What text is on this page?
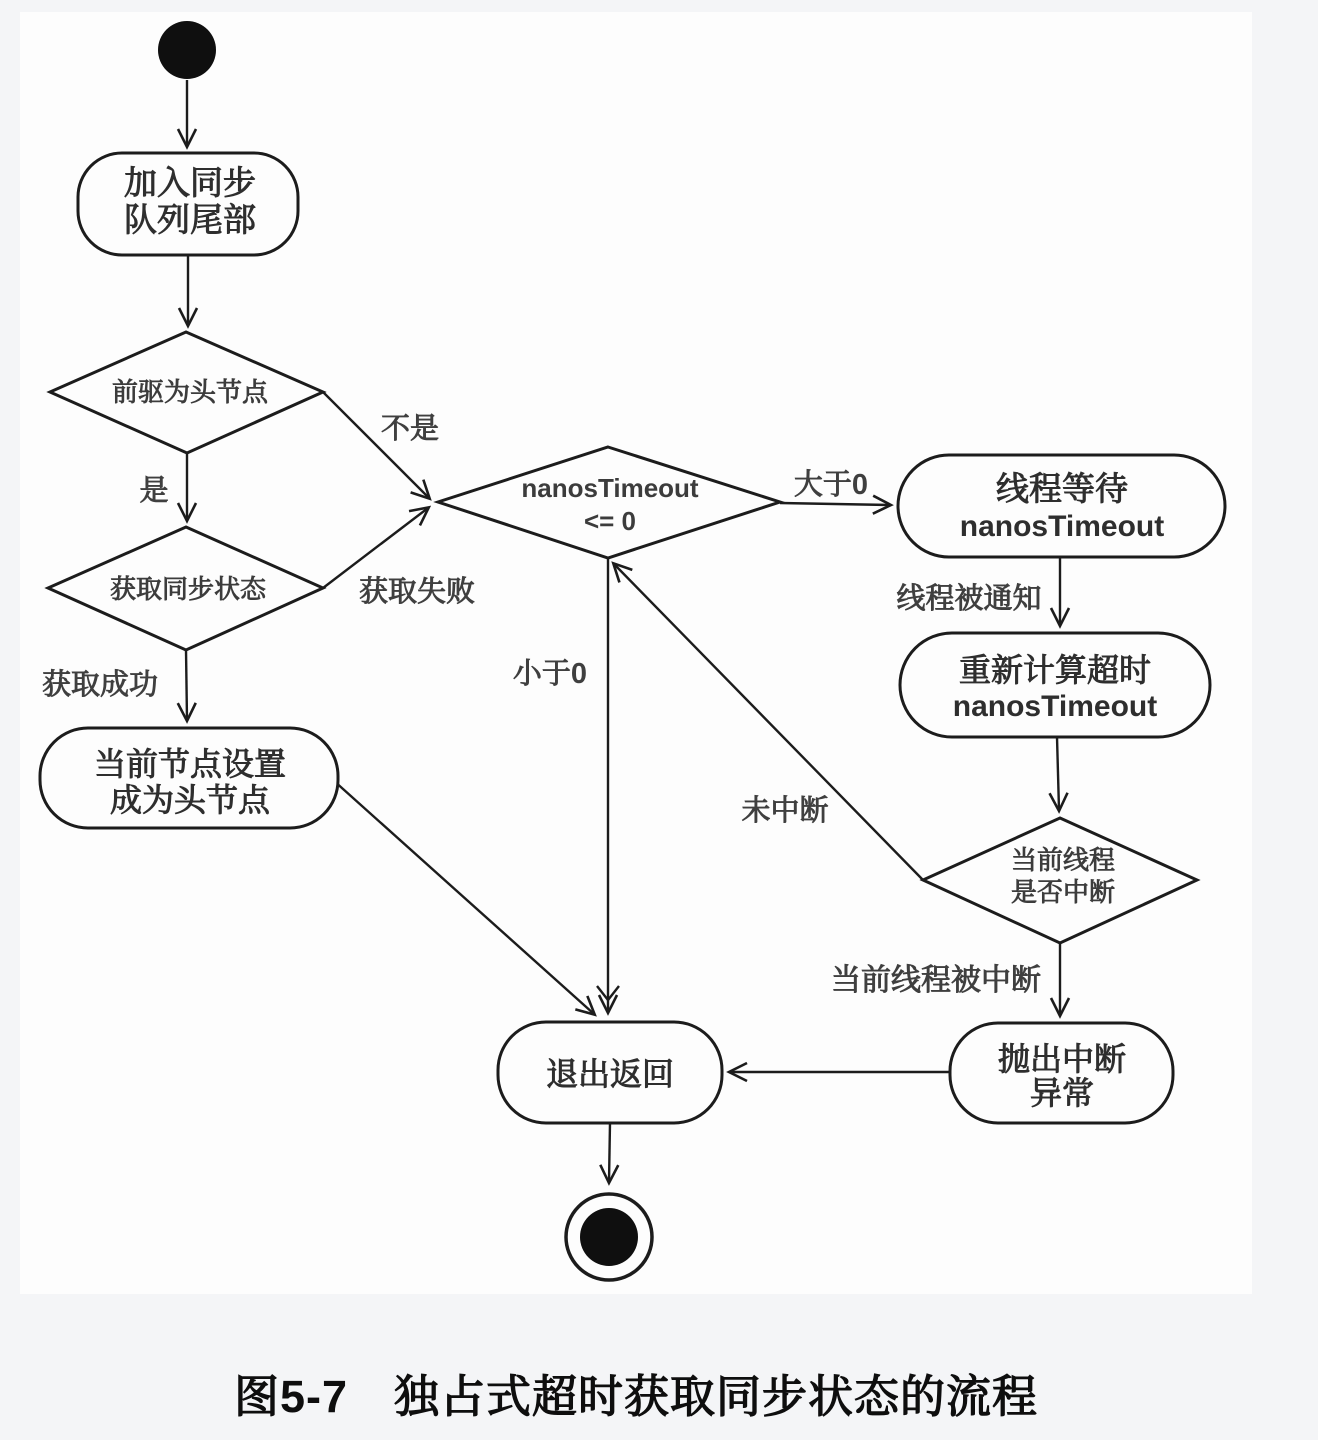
加入同步
队列尾部
前驱为头节点
获取同步状态
nanosTimeout
<= 0
线程等待
nanosTimeout
重新计算超时
nanosTimeout
当前线程
是否中断
抛出中断
异常
退出返回
当前节点设置
成为头节点
是
不是
获取失败
获取成功
大于0
小于0
线程被通知
未中断
当前线程被中断
图5-7　独占式超时获取同步状态的流程
